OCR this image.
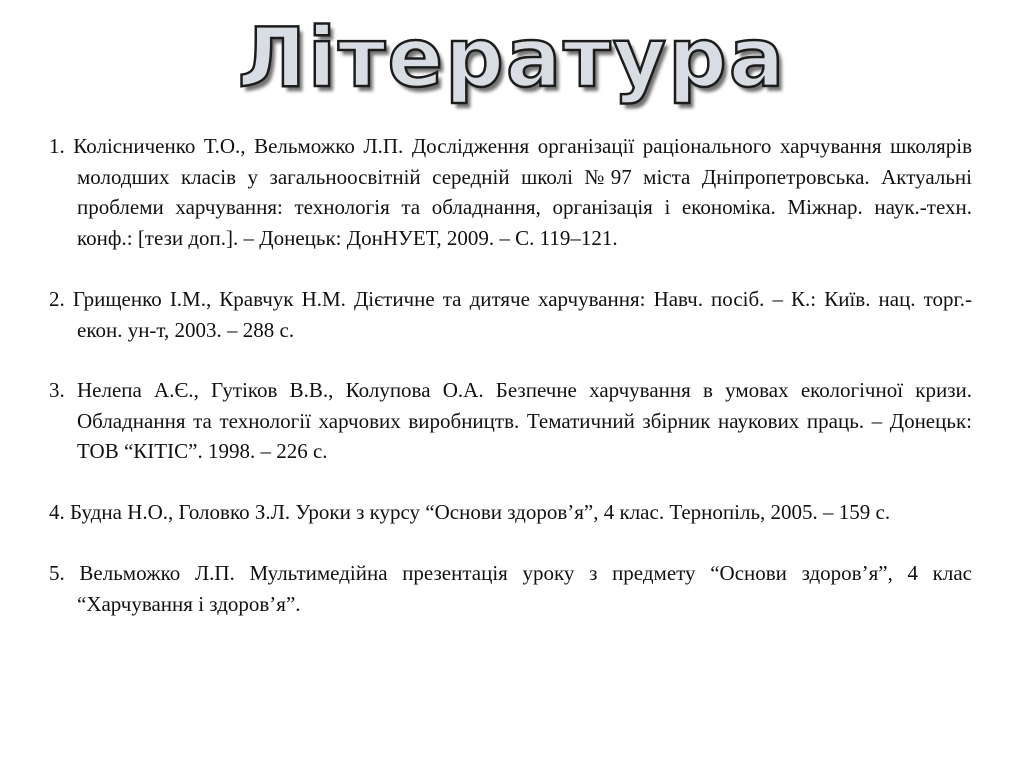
Література
1. Колісниченко Т.О., Вельможко Л.П. Дослідження організації раціонального харчування школярів молодших класів у загальноосвітній середній школі №97 міста Дніпропетровська. Актуальні проблеми харчування: технологія та обладнання, організація і економіка. Міжнар. наук.-техн. конф.: [тези доп.]. – Донецьк: ДонНУЕТ, 2009. – С. 119–121.
2. Грищенко І.М., Кравчук Н.М. Дієтичне та дитяче харчування: Навч. посіб. – К.: Київ. нац. торг.-екон. ун-т, 2003. – 288 с.
3. Нелепа А.Є., Гутіков В.В., Колупова О.А. Безпечне харчування в умовах екологічної кризи. Обладнання та технології харчових виробництв. Тематичний збірник наукових праць. – Донецьк: ТОВ “КІТІС”. 1998. – 226 с.
4. Будна Н.О., Головко З.Л. Уроки з курсу “Основи здоров’я”, 4 клас. Тернопіль, 2005. – 159 с.
5. Вельможко Л.П. Мультимедійна презентація уроку з предмету “Основи здоров’я”, 4 клас “Харчування і здоров’я”.
